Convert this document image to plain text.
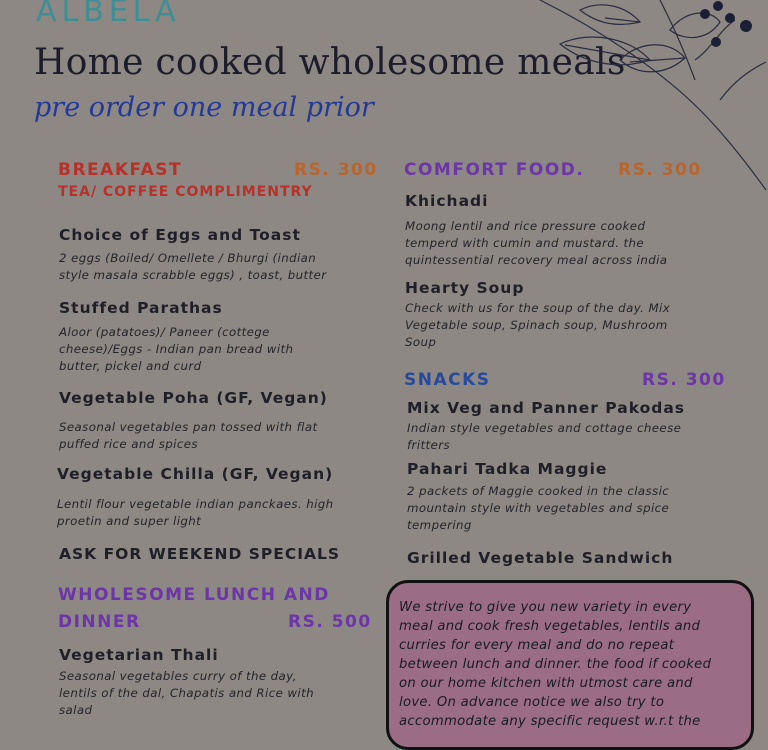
ALBELA
Home cooked wholesome meals
pre order one meal prior
BREAKFAST	RS. 300
TEA/ COFFEE COMPLIMENTRY
Choice of Eggs and Toast
2 eggs (Boiled/ Omellete / Bhurgi (indian
style masala scrabble eggs) , toast, butter
Stuffed Parathas
Aloor (patatoes)/ Paneer (cottege
cheese)/Eggs - Indian pan bread with
butter, pickel and curd
Vegetable Poha (GF, Vegan)
Seasonal vegetables pan tossed with flat
puffed rice and spices
Vegetable Chilla (GF, Vegan)
Lentil flour vegetable indian panckaes. high
proetin and super light
ASK FOR WEEKEND SPECIALS
WHOLESOME LUNCH AND
DINNER	RS. 500
Vegetarian Thali
Seasonal vegetables curry of the day,
lentils of the dal, Chapatis and Rice with
salad
COMFORT FOOD. RS. 300
Khichadi
Moong lentil and rice pressure cooked
temperd with cumin and mustard. the
quintessential recovery meal across india
Hearty Soup
Check with us for the soup of the day. Mix
Vegetable soup, Spinach soup, Mushroom
Soup
SNACKS	RS. 300
Mix Veg and Panner Pakodas
Indian style vegetables and cottage cheese
fritters
Pahari Tadka Maggie
2 packets of Maggie cooked in the classic
mountain style with vegetables and spice
tempering
Grilled Vegetable Sandwich
We strive to give you new variety in every
meal and cook fresh vegetables, lentils and
curries for every meal and do no repeat
between lunch and dinner. the food if cooked
on our home kitchen with utmost care and
love. On advance notice we also try to
accommodate any specific request w.r.t the
